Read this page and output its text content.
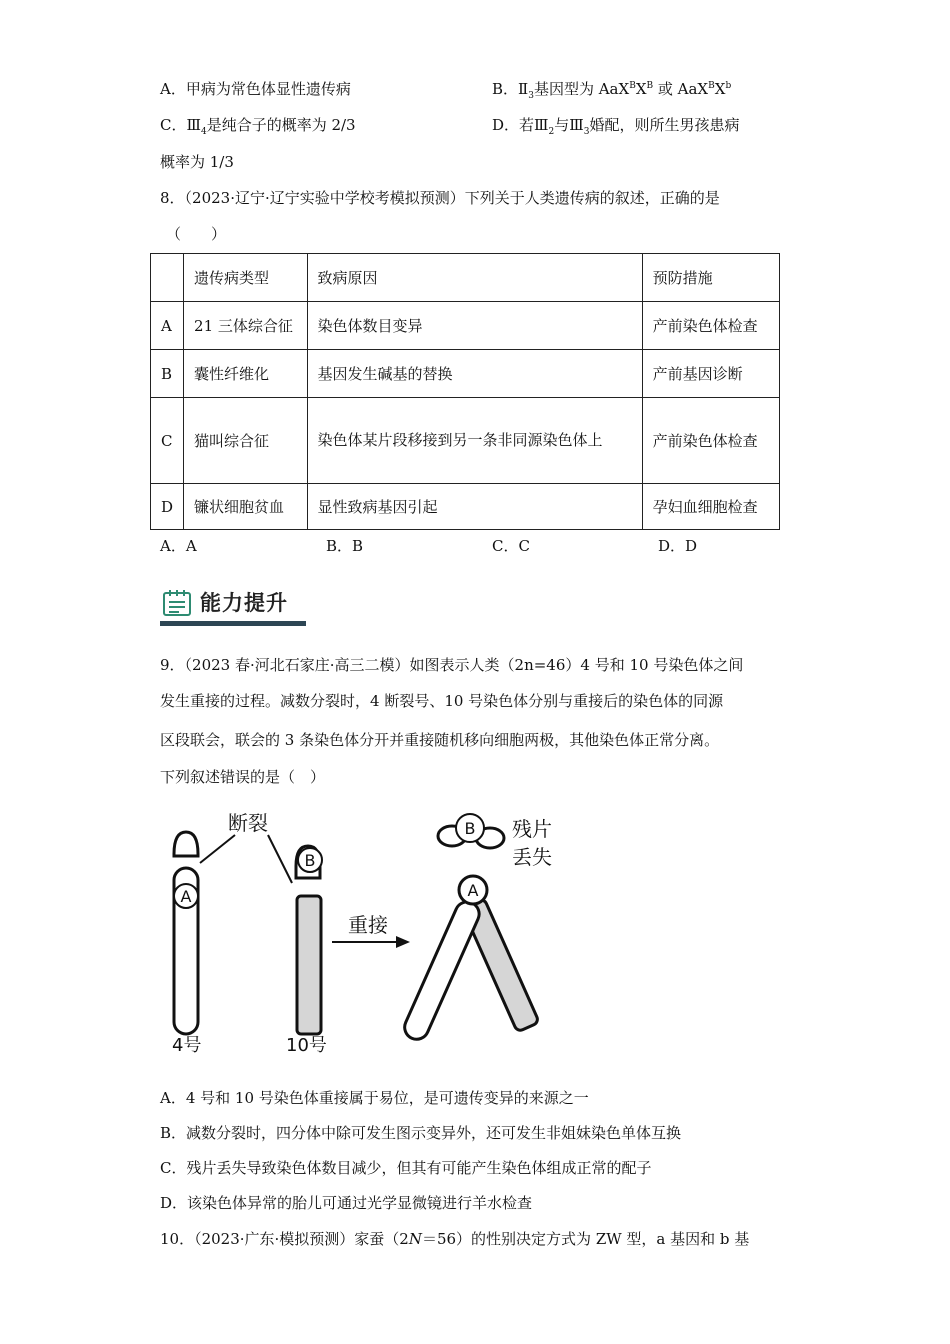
A．甲病为常色体显性遗传病	B．$Ⅱ_3$基因型为 $AaX^BX^B$ 或 $AaX^BX^b$
C．$Ⅲ_4$是纯合子的概率为 2/3	D．若$Ⅲ_2$与$Ⅲ_3$婚配，则所生男孩患病
概率为 1/3
8．（2023·辽宁·辽宁实验中学校考模拟预测）下列关于人类遗传病的叙述，正确的是
（　　）
	遗传病类型	致病原因	预防措施
A	21 三体综合征	染色体数目变异	产前染色体检查
B	囊性纤维化	基因发生碱基的替换	产前基因诊断
C	猫叫综合征	染色体某片段移接到另一条非同源染色体上	产前染色体检查
D	镰状细胞贫血	显性致病基因引起	孕妇血细胞检查
A．A	B．B	C．C	D．D
能力提升
9．（2023 春·河北石家庄·高三二模）如图表示人类（2n=46）4 号和 10 号染色体之间
发生重接的过程。减数分裂时，4 断裂号、10 号染色体分别与重接后的染色体的同源
区段联会，联会的 3 条染色体分开并重接随机移向细胞两极，其他染色体正常分离。
下列叙述错误的是（　）
断裂
A
4号
B
10号
重接
B 残片
丢失
A
A．4 号和 10 号染色体重接属于易位，是可遗传变异的来源之一
B．减数分裂时，四分体中除可发生图示变异外，还可发生非姐妹染色单体互换
C．残片丢失导致染色体数目减少，但其有可能产生染色体组成正常的配子
D．该染色体异常的胎儿可通过光学显微镜进行羊水检查
10．（2023·广东·模拟预测）家蚕（2N＝56）的性别决定方式为 ZW 型，a 基因和 b 基
